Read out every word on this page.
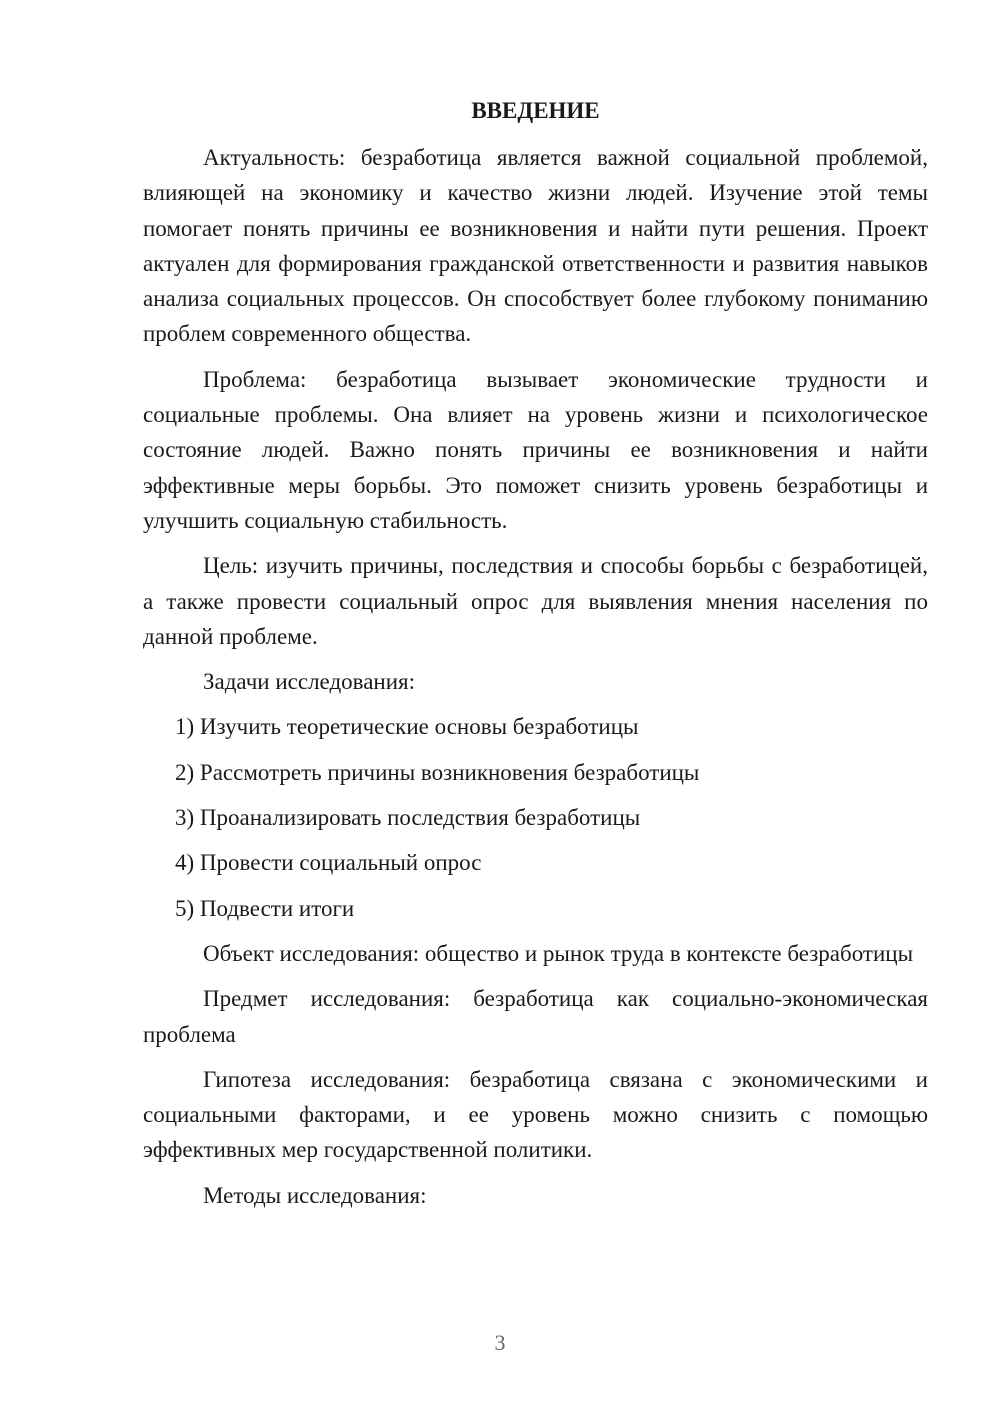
ВВЕДЕНИЕ

Актуальность: безработица является важной социальной проблемой, влияющей на экономику и качество жизни людей. Изучение этой темы помогает понять причины ее возникновения и найти пути решения. Проект актуален для формирования гражданской ответственности и развития навыков анализа социальных процессов. Он способствует более глубокому пониманию проблем современного общества.

Проблема: безработица вызывает экономические трудности и социальные проблемы. Она влияет на уровень жизни и психологическое состояние людей. Важно понять причины ее возникновения и найти эффективные меры борьбы. Это поможет снизить уровень безработицы и улучшить социальную стабильность.

Цель: изучить причины, последствия и способы борьбы с безработицей, а также провести социальный опрос для выявления мнения населения по данной проблеме.

Задачи исследования:

1) Изучить теоретические основы безработицы
2) Рассмотреть причины возникновения безработицы
3) Проанализировать последствия безработицы
4) Провести социальный опрос
5) Подвести итоги

Объект исследования: общество и рынок труда в контексте безработицы

Предмет исследования: безработица как социально-экономическая проблема

Гипотеза исследования: безработица связана с экономическими и социальными факторами, и ее уровень можно снизить с помощью эффективных мер государственной политики.

Методы исследования:

3
